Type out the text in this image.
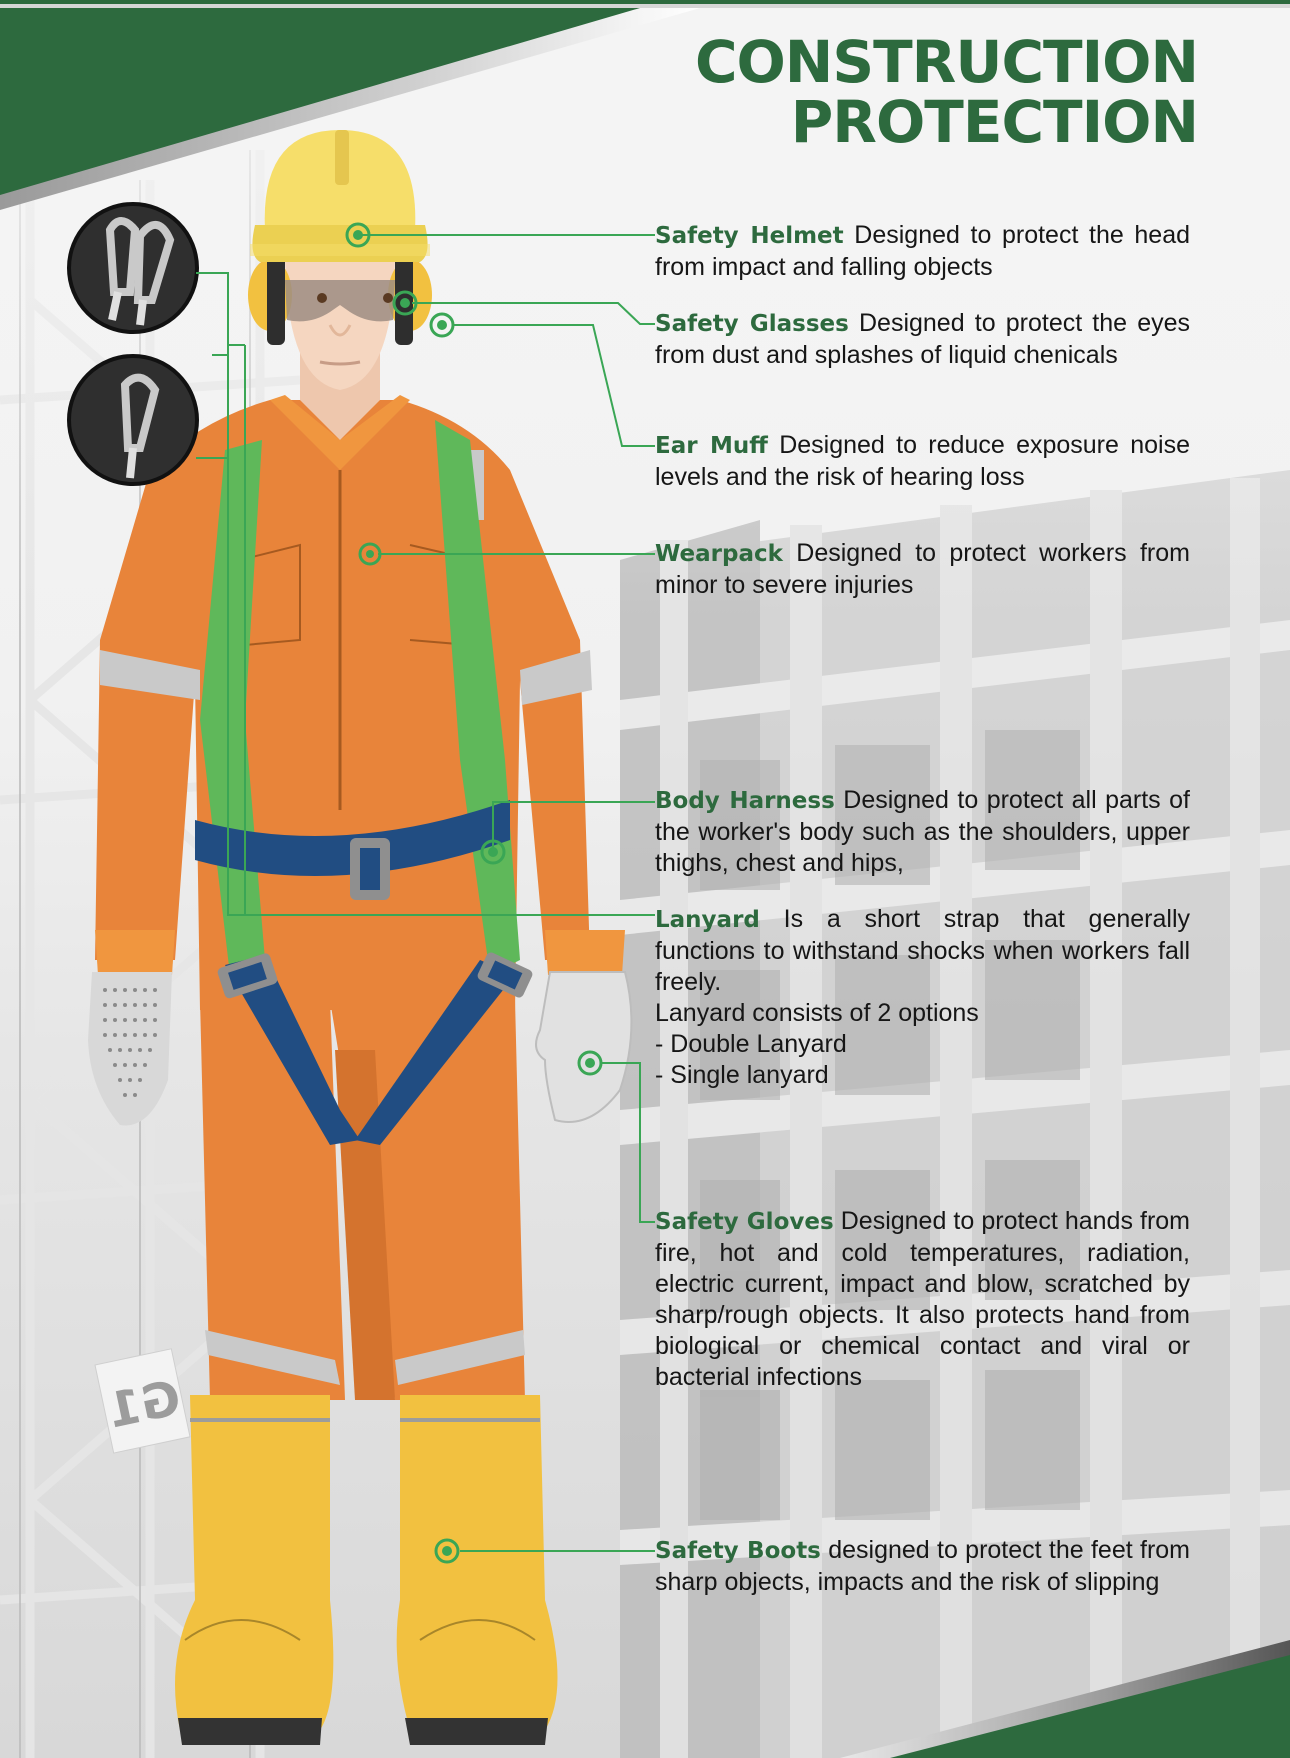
G1
CONSTRUCTION
PROTECTION
Safety Helmet Designed to protect the head from impact and falling objects
Safety Glasses Designed to protect the eyes from dust and splashes of liquid chenicals
Ear Muff Designed to reduce exposure noise levels and the risk of hearing loss
Wearpack Designed to protect workers from minor to severe injuries
Body Harness Designed to protect all parts of the worker's body such as the shoulders, upper thighs, chest and hips,
Lanyard Is a short strap that generally functions to withstand shocks when workers fall freely.
Lanyard consists of 2 options
- Double Lanyard
- Single lanyard
Safety Gloves Designed to protect hands from fire, hot and cold temperatures, radiation, electric current, impact and blow, scratched by sharp/rough objects. It also protects hand from biological or chemical contact and viral or bacterial infections
Safety Boots designed to protect the feet from sharp objects, impacts and the risk of slipping
